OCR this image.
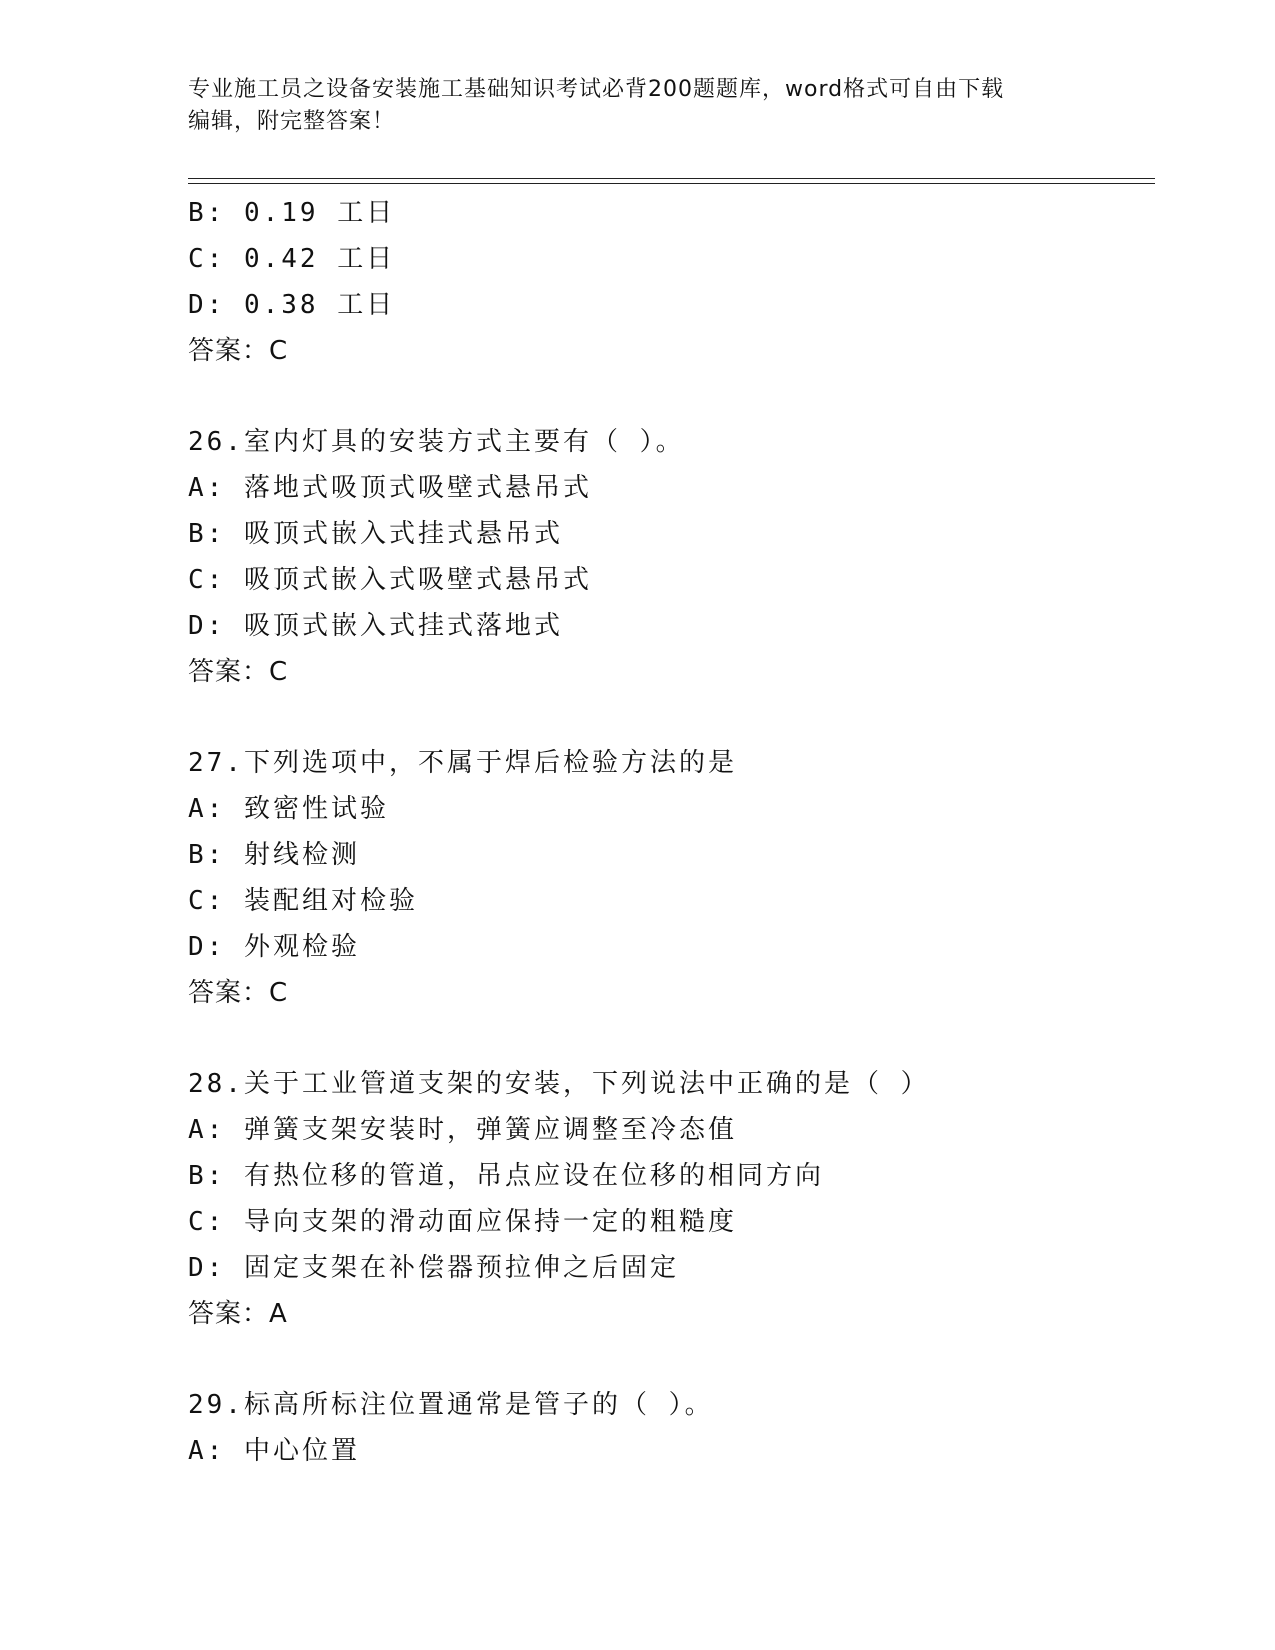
专业施工员之设备安装施工基础知识考试必背200题题库，word格式可自由下载
编辑，附完整答案！
B: 0.19 工日
C: 0.42 工日
D: 0.38 工日
答案：C
26.室内灯具的安装方式主要有（ ）。
A: 落地式吸顶式吸壁式悬吊式
B: 吸顶式嵌入式挂式悬吊式
C: 吸顶式嵌入式吸壁式悬吊式
D: 吸顶式嵌入式挂式落地式
答案：C
27.下列选项中，不属于焊后检验方法的是
A: 致密性试验
B: 射线检测
C: 装配组对检验
D: 外观检验
答案：C
28.关于工业管道支架的安装，下列说法中正确的是（ ）
A: 弹簧支架安装时，弹簧应调整至冷态值
B: 有热位移的管道，吊点应设在位移的相同方向
C: 导向支架的滑动面应保持一定的粗糙度
D: 固定支架在补偿器预拉伸之后固定
答案：A
29.标高所标注位置通常是管子的（ ）。
A: 中心位置
